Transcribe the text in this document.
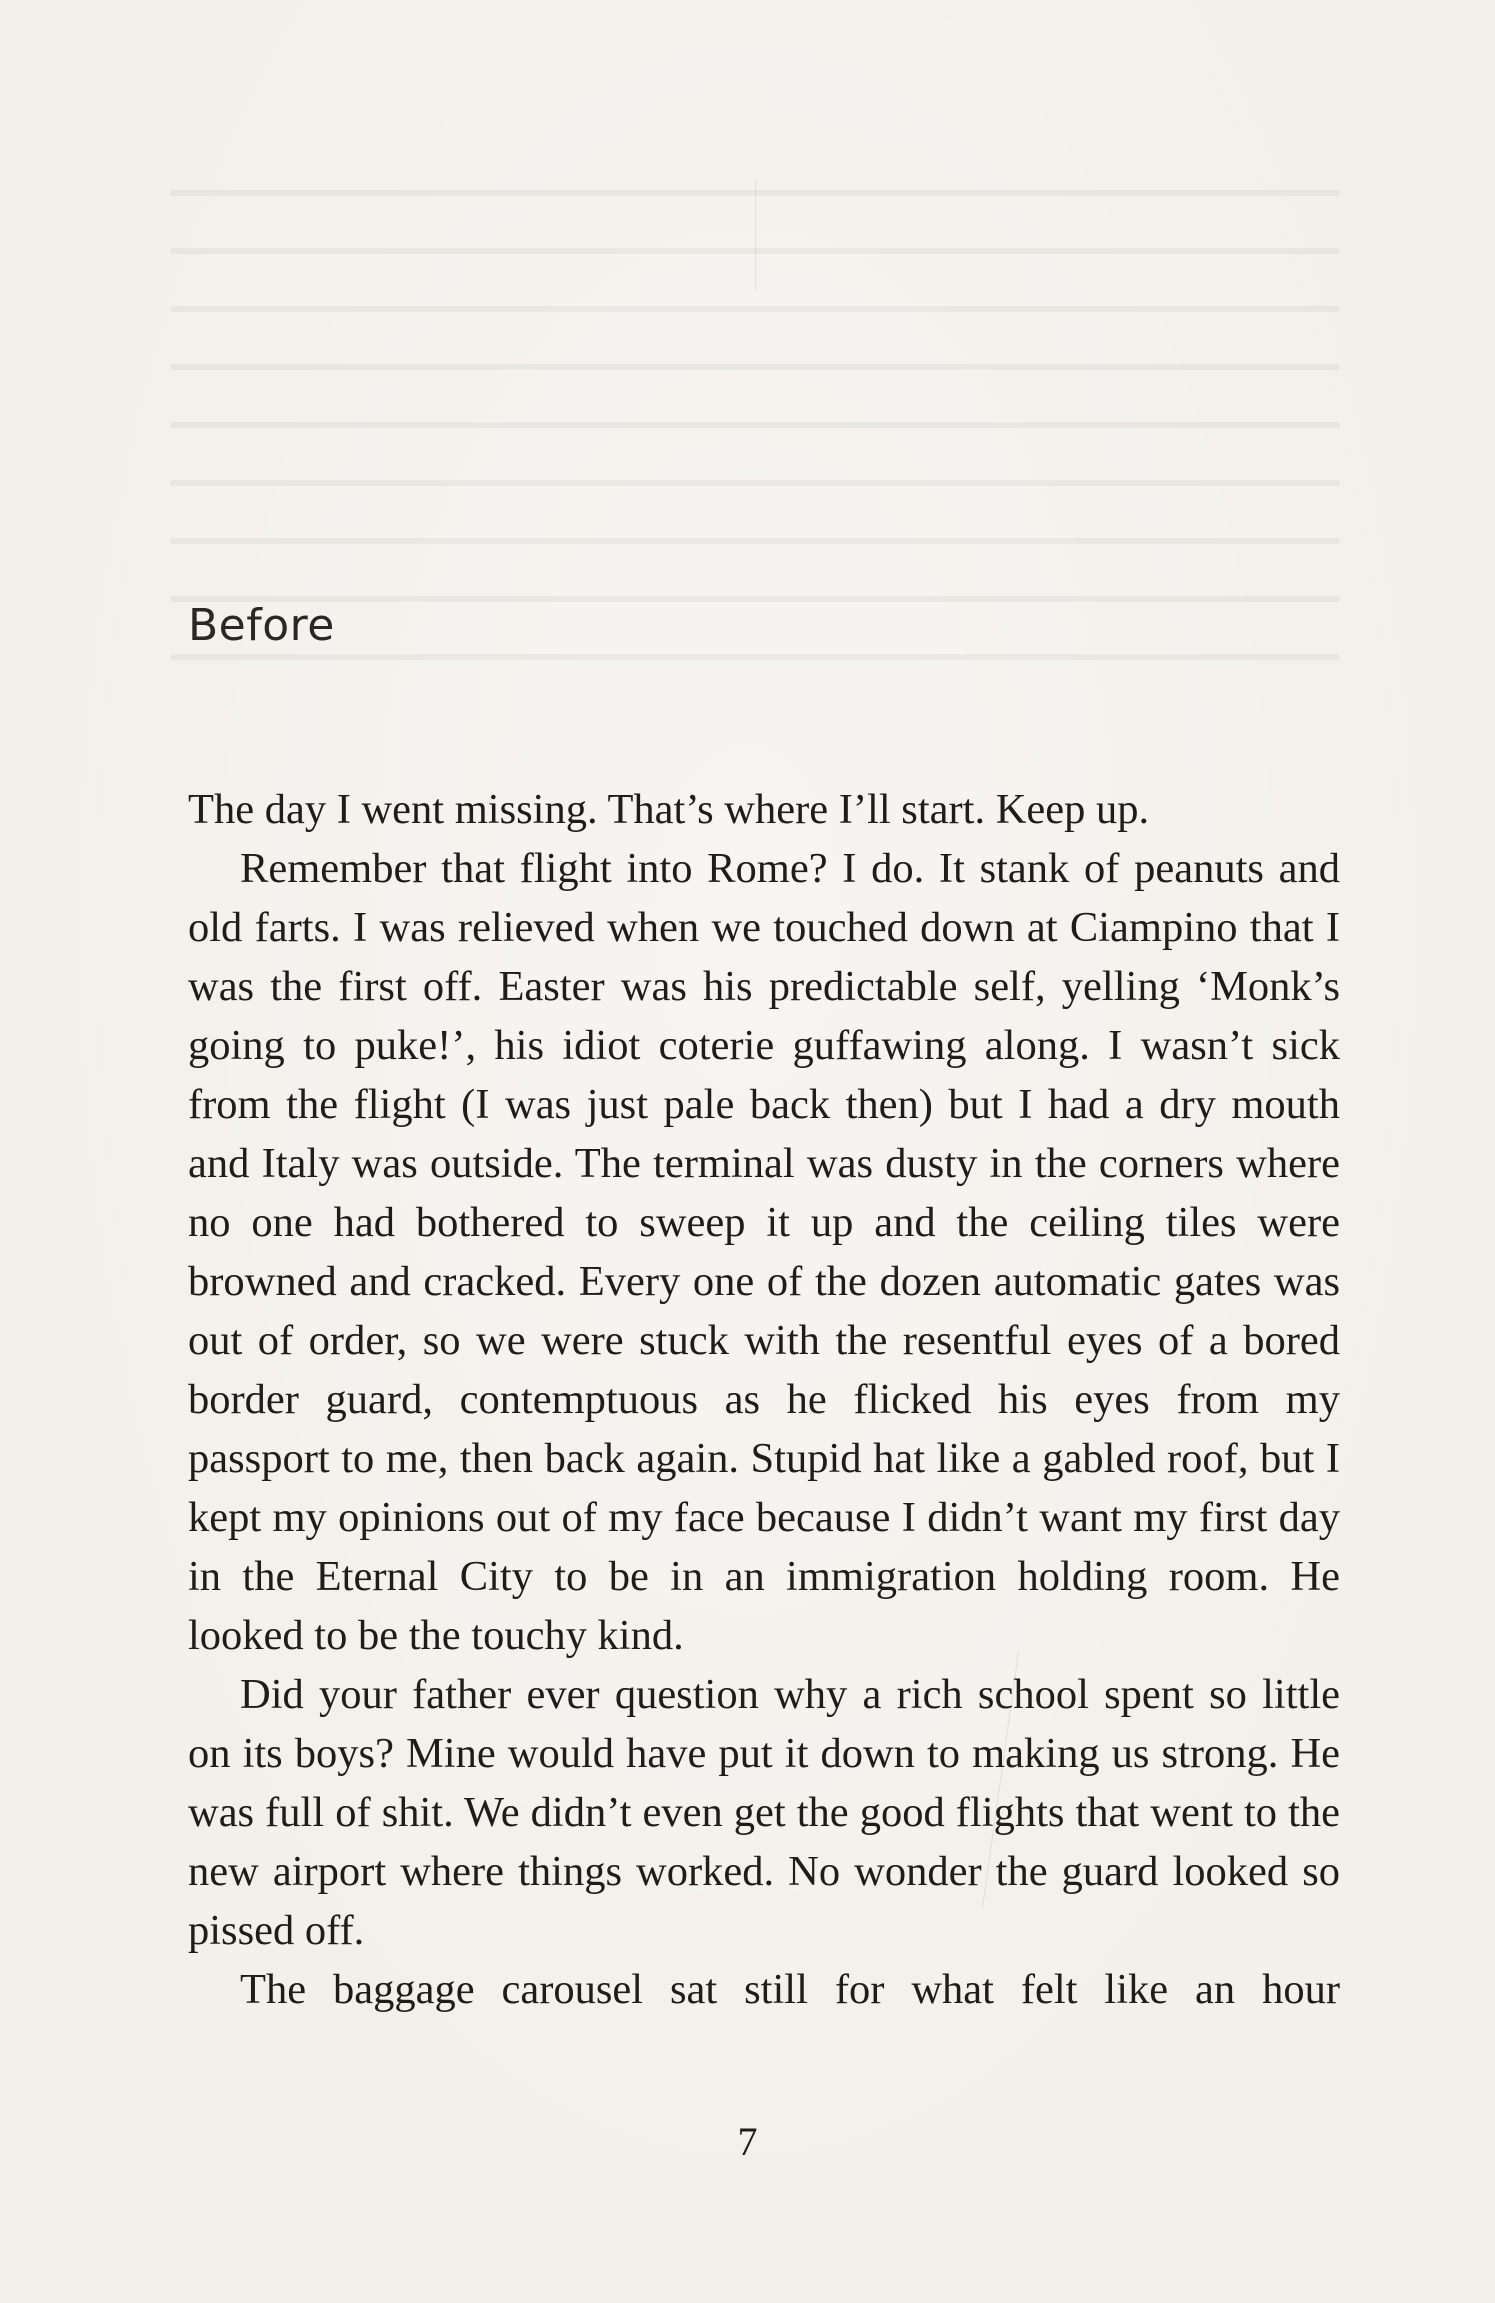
Before

The day I went missing. That’s where I’ll start. Keep up.

Remember that flight into Rome? I do. It stank of peanuts and old farts. I was relieved when we touched down at Ciampino that I was the first off. Easter was his predictable self, yelling ‘Monk’s going to puke!’, his idiot coterie guffawing along. I wasn’t sick from the flight (I was just pale back then) but I had a dry mouth and Italy was outside. The terminal was dusty in the corners where no one had bothered to sweep it up and the ceiling tiles were browned and cracked. Every one of the dozen automatic gates was out of order, so we were stuck with the resentful eyes of a bored border guard, contemptuous as he flicked his eyes from my passport to me, then back again. Stupid hat like a gabled roof, but I kept my opinions out of my face because I didn’t want my first day in the Eternal City to be in an immigration holding room. He looked to be the touchy kind.

Did your father ever question why a rich school spent so little on its boys? Mine would have put it down to making us strong. He was full of shit. We didn’t even get the good flights that went to the new airport where things worked. No wonder the guard looked so pissed off.

The baggage carousel sat still for what felt like an hour

7
